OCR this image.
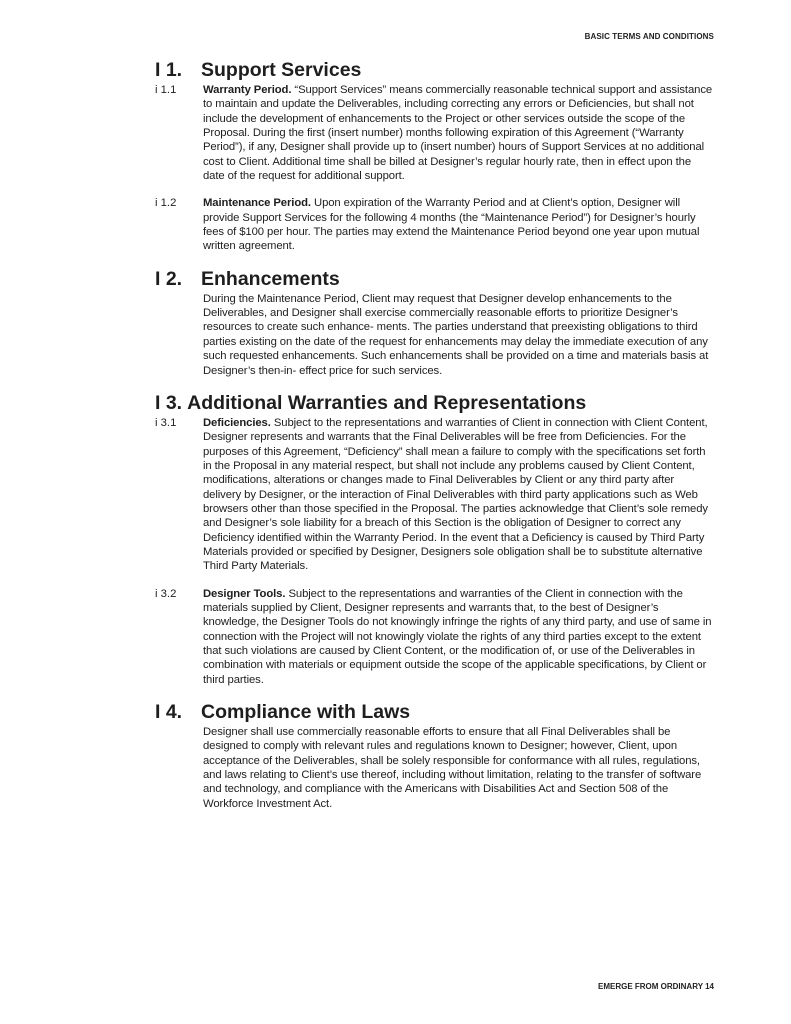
BASIC TERMS AND CONDITIONS
I 1. Support Services
i 1.1 Warranty Period. “Support Services” means commercially reasonable technical support and assistance to maintain and update the Deliverables, including correcting any errors or Deficiencies, but shall not include the development of enhancements to the Project or other services outside the scope of the Proposal. During the first (insert number) months following expiration of this Agreement (“Warranty Period”), if any, Designer shall provide up to (insert number) hours of Support Services at no additional cost to Client. Additional time shall be billed at Designer’s regular hourly rate, then in effect upon the date of the request for additional support.

i 1.2 Maintenance Period. Upon expiration of the Warranty Period and at Client’s option, Designer will provide Support Services for the following 4 months (the “Maintenance Period”) for Designer’s hourly fees of $100 per hour. The parties may extend the Maintenance Period beyond one year upon mutual written agreement.

I 2. Enhancements

During the Maintenance Period, Client may request that Designer develop enhancements to the Deliverables, and Designer shall exercise commercially reasonable efforts to prioritize Designer’s resources to create such enhance- ments. The parties understand that preexisting obligations to third parties existing on the date of the request for enhancements may delay the immediate execution of any such requested enhancements. Such enhancements shall be provided on a time and materials basis at Designer’s then-in- effect price for such services.

I 3. Additional Warranties and Representations
i 3.1 Deficiencies. Subject to the representations and warranties of Client in connection with Client Content, Designer represents and warrants that the Final Deliverables will be free from Deficiencies. For the purposes of this Agreement, “Deficiency” shall mean a failure to comply with the specifications set forth in the Proposal in any material respect, but shall not include any problems caused by Client Content, modifications, alterations or changes made to Final Deliverables by Client or any third party after delivery by Designer, or the interaction of Final Deliverables with third party applications such as Web browsers other than those specified in the Proposal. The parties acknowledge that Client’s sole remedy and Designer’s sole liability for a breach of this Section is the obligation of Designer to correct any Deficiency identified within the Warranty Period. In the event that a Deficiency is caused by Third Party Materials provided or specified by Designer, Designers sole obligation shall be to substitute alternative Third Party Materials.

i 3.2 Designer Tools. Subject to the representations and warranties of the Client in connection with the materials supplied by Client, Designer represents and warrants that, to the best of Designer’s knowledge, the Designer Tools do not knowingly infringe the rights of any third party, and use of same in connection with the Project will not knowingly violate the rights of any third parties except to the extent that such violations are caused by Client Content, or the modification of, or use of the Deliverables in combination with materials or equipment outside the scope of the applicable specifications, by Client or third parties.

I 4. Compliance with Laws

Designer shall use commercially reasonable efforts to ensure that all Final Deliverables shall be designed to comply with relevant rules and regulations known to Designer; however, Client, upon acceptance of the Deliverables, shall be solely responsible for conformance with all rules, regulations, and laws relating to Client’s use thereof, including without limitation, relating to the transfer of software and technology, and compliance with the Americans with Disabilities Act and Section 508 of the Workforce Investment Act.

EMERGE FROM ORDINARY 14
